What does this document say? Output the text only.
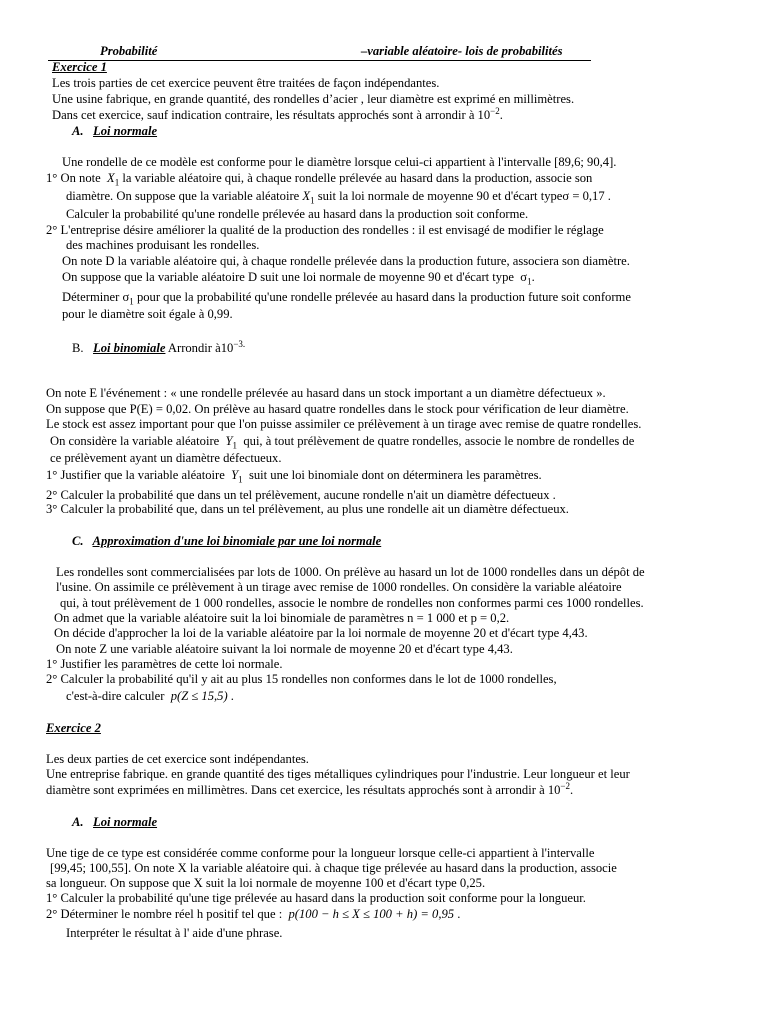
Probabilité	–variable aléatoire- lois de probabilités
Exercice 1
Les trois parties de cet exercice peuvent être traitées de façon indépendantes.
Une usine fabrique, en grande quantité, des rondelles d’acier , leur diamètre est exprimé en millimètres.
Dans cet exercice, sauf indication contraire, les résultats approchés sont à arrondir à $10^{-2}$.
A. Loi normale
Une rondelle de ce modèle est conforme pour le diamètre lorsque celui-ci appartient à l'intervalle [89,6; 90,4].
1° On note $X_1$ la variable aléatoire qui, à chaque rondelle prélevée au hasard dans la production, associe son
diamètre. On suppose que la variable aléatoire $X_1$ suit la loi normale de moyenne 90 et d'écart typeσ = 0,17 .
Calculer la probabilité qu'une rondelle prélevée au hasard dans la production soit conforme.
2° L'entreprise désire améliorer la qualité de la production des rondelles : il est envisagé de modifier le réglage
des machines produisant les rondelles.
On note D la variable aléatoire qui, à chaque rondelle prélevée dans la production future, associera son diamètre.
On suppose que la variable aléatoire D suit une loi normale de moyenne 90 et d'écart type $\sigma_1$.
Déterminer $\sigma_1$ pour que la probabilité qu'une rondelle prélevée au hasard dans la production future soit conforme
pour le diamètre soit égale à 0,99.
B. Loi binomiale Arrondir $à10^{-3.}$
On note E l'événement : « une rondelle prélevée au hasard dans un stock important a un diamètre défectueux ».
On suppose que P(E) = 0,02. On prélève au hasard quatre rondelles dans le stock pour vérification de leur diamètre.
Le stock est assez important pour que l'on puisse assimiler ce prélèvement à un tirage avec remise de quatre rondelles.
On considère la variable aléatoire $Y_1$ qui, à tout prélèvement de quatre rondelles, associe le nombre de rondelles de
ce prélèvement ayant un diamètre défectueux.
1° Justifier que la variable aléatoire $Y_1$ suit une loi binomiale dont on déterminera les paramètres.
2° Calculer la probabilité que dans un tel prélèvement, aucune rondelle n'ait un diamètre défectueux .
3° Calculer la probabilité que, dans un tel prélèvement, au plus une rondelle ait un diamètre défectueux.
C. Approximation d'une loi binomiale par une loi normale
Les rondelles sont commercialisées par lots de 1000. On prélève au hasard un lot de 1000 rondelles dans un dépôt de
l'usine. On assimile ce prélèvement à un tirage avec remise de 1000 rondelles. On considère la variable aléatoire
qui, à tout prélèvement de 1 000 rondelles, associe le nombre de rondelles non conformes parmi ces 1000 rondelles.
On admet que la variable aléatoire suit la loi binomiale de paramètres n = 1 000 et p = 0,2.
On décide d'approcher la loi de la variable aléatoire par la loi normale de moyenne 20 et d'écart type 4,43.
On note Z une variable aléatoire suivant la loi normale de moyenne 20 et d'écart type 4,43.
1° Justifier les paramètres de cette loi normale.
2° Calculer la probabilité qu'il y ait au plus 15 rondelles non conformes dans le lot de 1000 rondelles,
c'est-à-dire calculer p(Z ≤ 15,5) .
Exercice 2
Les deux parties de cet exercice sont indépendantes.
Une entreprise fabrique. en grande quantité des tiges métalliques cylindriques pour l'industrie. Leur longueur et leur
diamètre sont exprimées en millimètres. Dans cet exercice, les résultats approchés sont à arrondir à $10^{-2}$.
A. Loi normale
Une tige de ce type est considérée comme conforme pour la longueur lorsque celle-ci appartient à l'intervalle
[99,45; 100,55]. On note X la variable aléatoire qui. à chaque tige prélevée au hasard dans la production, associe
sa longueur. On suppose que X suit la loi normale de moyenne 100 et d'écart type 0,25.
1° Calculer la probabilité qu'une tige prélevée au hasard dans la production soit conforme pour la longueur.
2° Déterminer le nombre réel h positif tel que : p(100 − h ≤ X ≤ 100 + h) = 0,95 .
Interpréter le résultat à l' aide d'une phrase.
